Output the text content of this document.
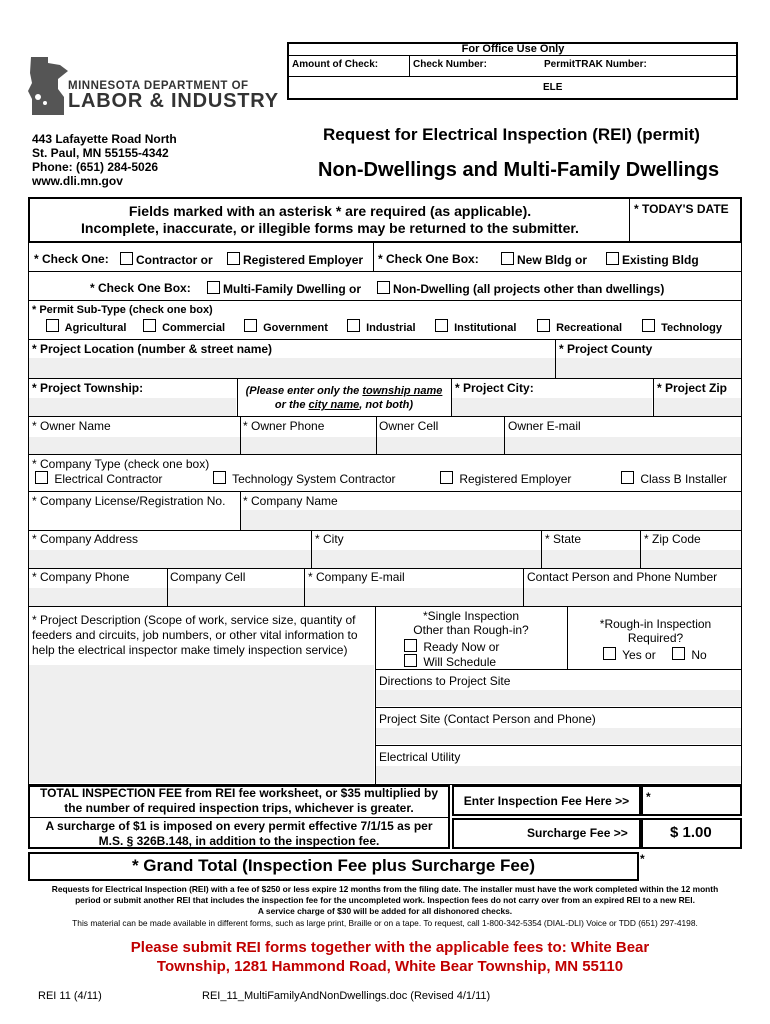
For Office Use Only
Amount of Check:	Check Number:	PermitTRAK Number:
ELE
MINNESOTA DEPARTMENT OF
LABOR & INDUSTRY
443 Lafayette Road North
St. Paul, MN 55155-4342
Phone: (651) 284-5026
www.dli.mn.gov
Request for Electrical Inspection (REI) (permit)
Non-Dwellings and Multi-Family Dwellings
Fields marked with an asterisk * are required (as applicable).
Incomplete, inaccurate, or illegible forms may be returned to the submitter.
* TODAY'S DATE
* Check One:	Contractor or	Registered Employer * Check One Box:	New Bldg or	Existing Bldg
* Check One Box:	Multi-Family Dwelling or	Non-Dwelling (all projects other than dwellings)
* Permit Sub-Type (check one box)
Agricultural	Commercial	Government	Industrial	Institutional	Recreational	Technology
* Project Location (number & street name)	* Project County
* Project Township:	(Please enter only the township name
or the city name, not both)
* Project City:	* Project Zip
* Owner Name	* Owner Phone	Owner Cell	Owner E-mail
* Company Type (check one box)
Electrical Contractor	Technology System Contractor	Registered Employer	Class B Installer
* Company License/Registration No. * Company Name
* Company Address	* City	* State	* Zip Code
* Company Phone	Company Cell	* Company E-mail	Contact Person and Phone Number
* Project Description (Scope of work, service size, quantity of
feeders and circuits, job numbers, or other vital information to
help the electrical inspector make timely inspection service)
*Single Inspection
Other than Rough-in?
Ready Now or
Will Schedule
*Rough-in Inspection
Required?
Yes or	No
Directions to Project Site
Project Site (Contact Person and Phone)
Electrical Utility
TOTAL INSPECTION FEE from REI fee worksheet, or $35 multiplied by
the number of required inspection trips, whichever is greater.
A surcharge of $1 is imposed on every permit effective 7/1/15 as per
M.S. § 326B.148, in addition to the inspection fee.
Enter Inspection Fee Here >>	*
Surcharge Fee >>	$ 1.00
* Grand Total (Inspection Fee plus Surcharge Fee)	*
Requests for Electrical Inspection (REI) with a fee of $250 or less expire 12 months from the filing date. The installer must have the work completed within the 12 month
period or submit another REI that includes the inspection fee for the uncompleted work. Inspection fees do not carry over from an expired REI to a new REI.
A service charge of $30 will be added for all dishonored checks.
This material can be made available in different forms, such as large print, Braille or on a tape. To request, call 1-800-342-5354 (DIAL-DLI) Voice or TDD (651) 297-4198.
Please submit REI forms together with the applicable fees to: White Bear
Township, 1281 Hammond Road, White Bear Township, MN 55110
REI 11 (4/11)	REI_11_MultiFamilyAndNonDwellings.doc (Revised 4/1/11)
